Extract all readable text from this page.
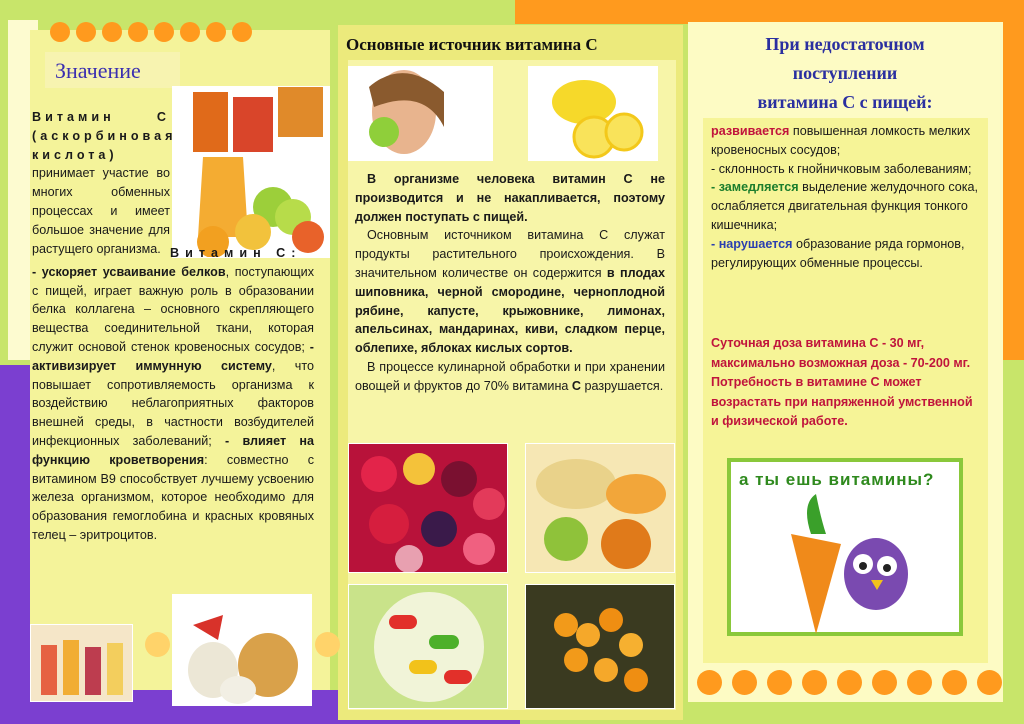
Значение
Витамин С (аскорбиновая кислота) принимает участие во многих обменных процессах и имеет большое значение для растущего организма. Витамин С:
- ускоряет усваивание белков, поступающих с пищей, играет важную роль в образовании белка коллагена – основного скрепляющего вещества соединительной ткани, которая служит основой стенок кровеносных сосудов; - активизирует иммунную систему, что повышает сопротивляемость организма к воздействию неблагоприятных факторов внешней среды, в частности возбудителей инфекционных заболеваний; - влияет на функцию кроветворения: совместно с витамином В9 способствует лучшему усвоению железа организмом, которое необходимо для образования гемоглобина и красных кровяных телец – эритроцитов.
Основные источник витамина С
В организме человека витамин С не производится и не накапливается, поэтому должен поступать с пищей.
Основным источником витамина С служат продукты растительного происхождения. В значительном количестве он содержится в плодах шиповника, черной смородине, черноплодной рябине, капусте, крыжовнике, лимонах, апельсинах, мандаринах, киви, сладком перце, облепихе, яблоках кислых сортов.
В процессе кулинарной обработки и при хранении овощей и фруктов до 70% витамина С разрушается.
При недостаточном
поступлении
витамина С с пищей:
развивается повышенная ломкость мелких кровеносных сосудов;
- склонность к гнойничковым заболеваниям;
- замедляется выделение желудочного сока, ослабляется двигательная функция тонкого кишечника;
- нарушается образование ряда гормонов, регулирующих обменные процессы.
Суточная доза витамина С - 30 мг, максимально возможная доза - 70-200 мг. Потребность в витамине С может возрастать при напряженной умственной и физической работе.
а ты ешь витамины?
